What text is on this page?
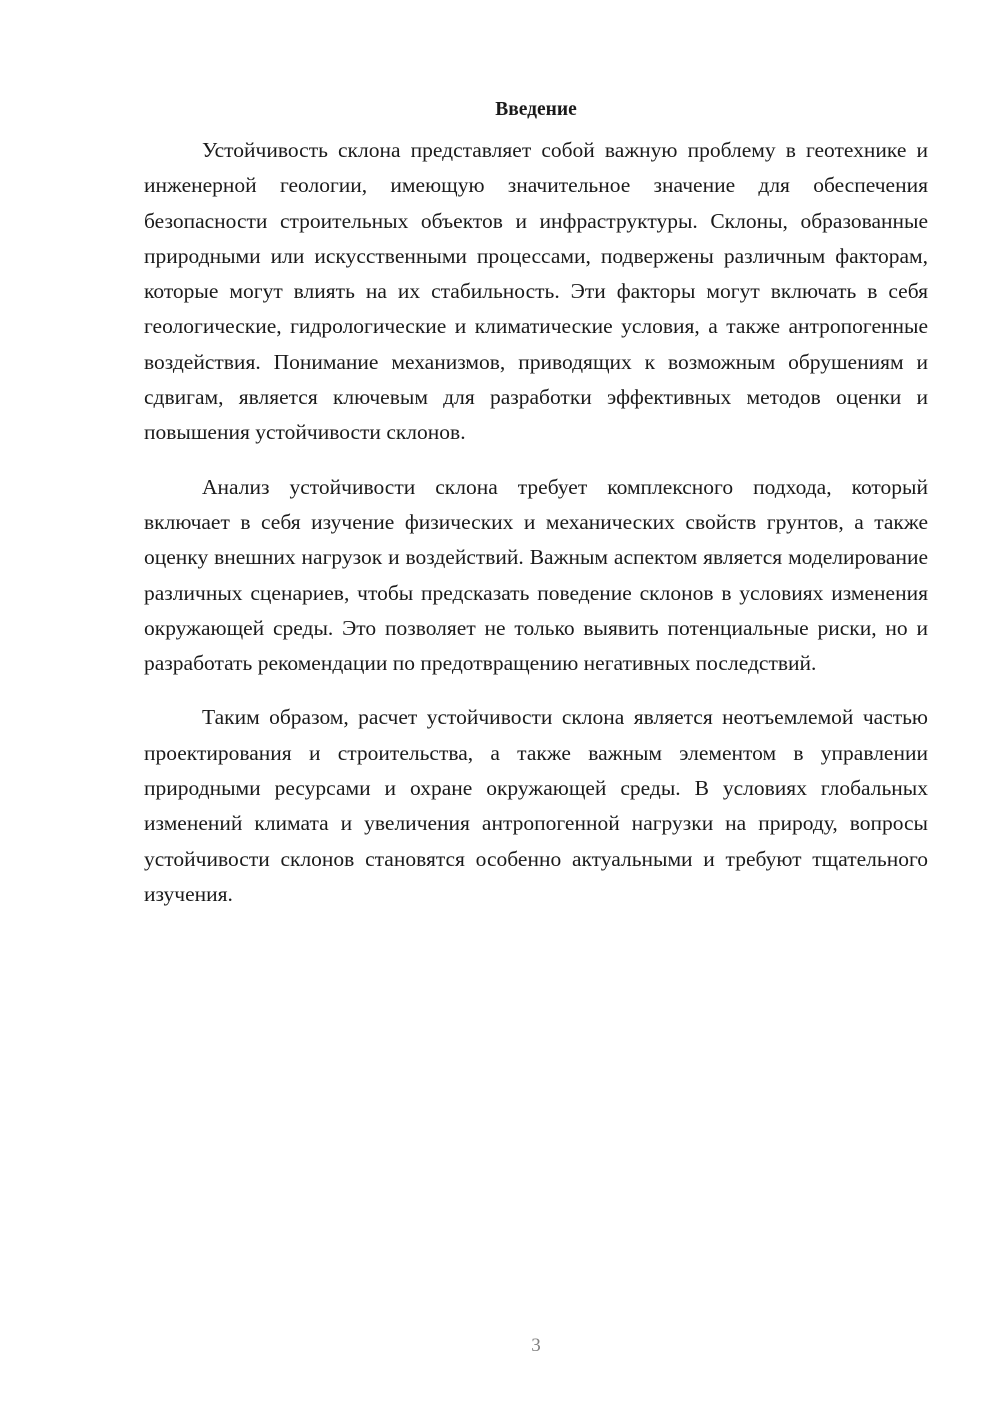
Введение

Устойчивость склона представляет собой важную проблему в геотехнике и инженерной геологии, имеющую значительное значение для обеспечения безопасности строительных объектов и инфраструктуры. Склоны, образованные природными или искусственными процессами, подвержены различным факторам, которые могут влиять на их стабильность. Эти факторы могут включать в себя геологические, гидрологические и климатические условия, а также антропогенные воздействия. Понимание механизмов, приводящих к возможным обрушениям и сдвигам, является ключевым для разработки эффективных методов оценки и повышения устойчивости склонов.

Анализ устойчивости склона требует комплексного подхода, который включает в себя изучение физических и механических свойств грунтов, а также оценку внешних нагрузок и воздействий. Важным аспектом является моделирование различных сценариев, чтобы предсказать поведение склонов в условиях изменения окружающей среды. Это позволяет не только выявить потенциальные риски, но и разработать рекомендации по предотвращению негативных последствий.

Таким образом, расчет устойчивости склона является неотъемлемой частью проектирования и строительства, а также важным элементом в управлении природными ресурсами и охране окружающей среды. В условиях глобальных изменений климата и увеличения антропогенной нагрузки на природу, вопросы устойчивости склонов становятся особенно актуальными и требуют тщательного изучения.

3
